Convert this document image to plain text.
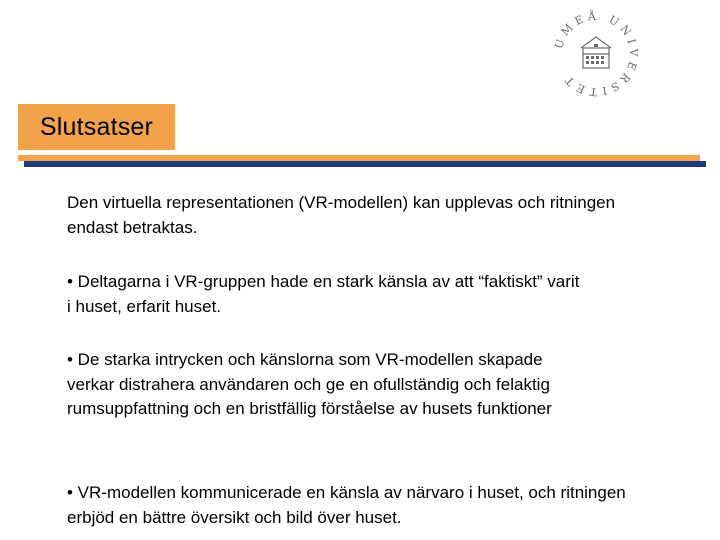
UMEÅ UNIVERSITET
Slutsatser

Den virtuella representationen (VR-modellen) kan upplevas och ritningen endast betraktas.

• Deltagarna i VR-gruppen hade en stark känsla av att “faktiskt” varit i huset, erfarit huset.

• De starka intrycken och känslorna som VR-modellen skapade verkar distrahera användaren och ge en ofullständig och felaktig rumsuppfattning och en bristfällig förståelse av husets funktioner

• VR-modellen kommunicerade en känsla av närvaro i huset, och ritningen erbjöd en bättre översikt och bild över huset.
